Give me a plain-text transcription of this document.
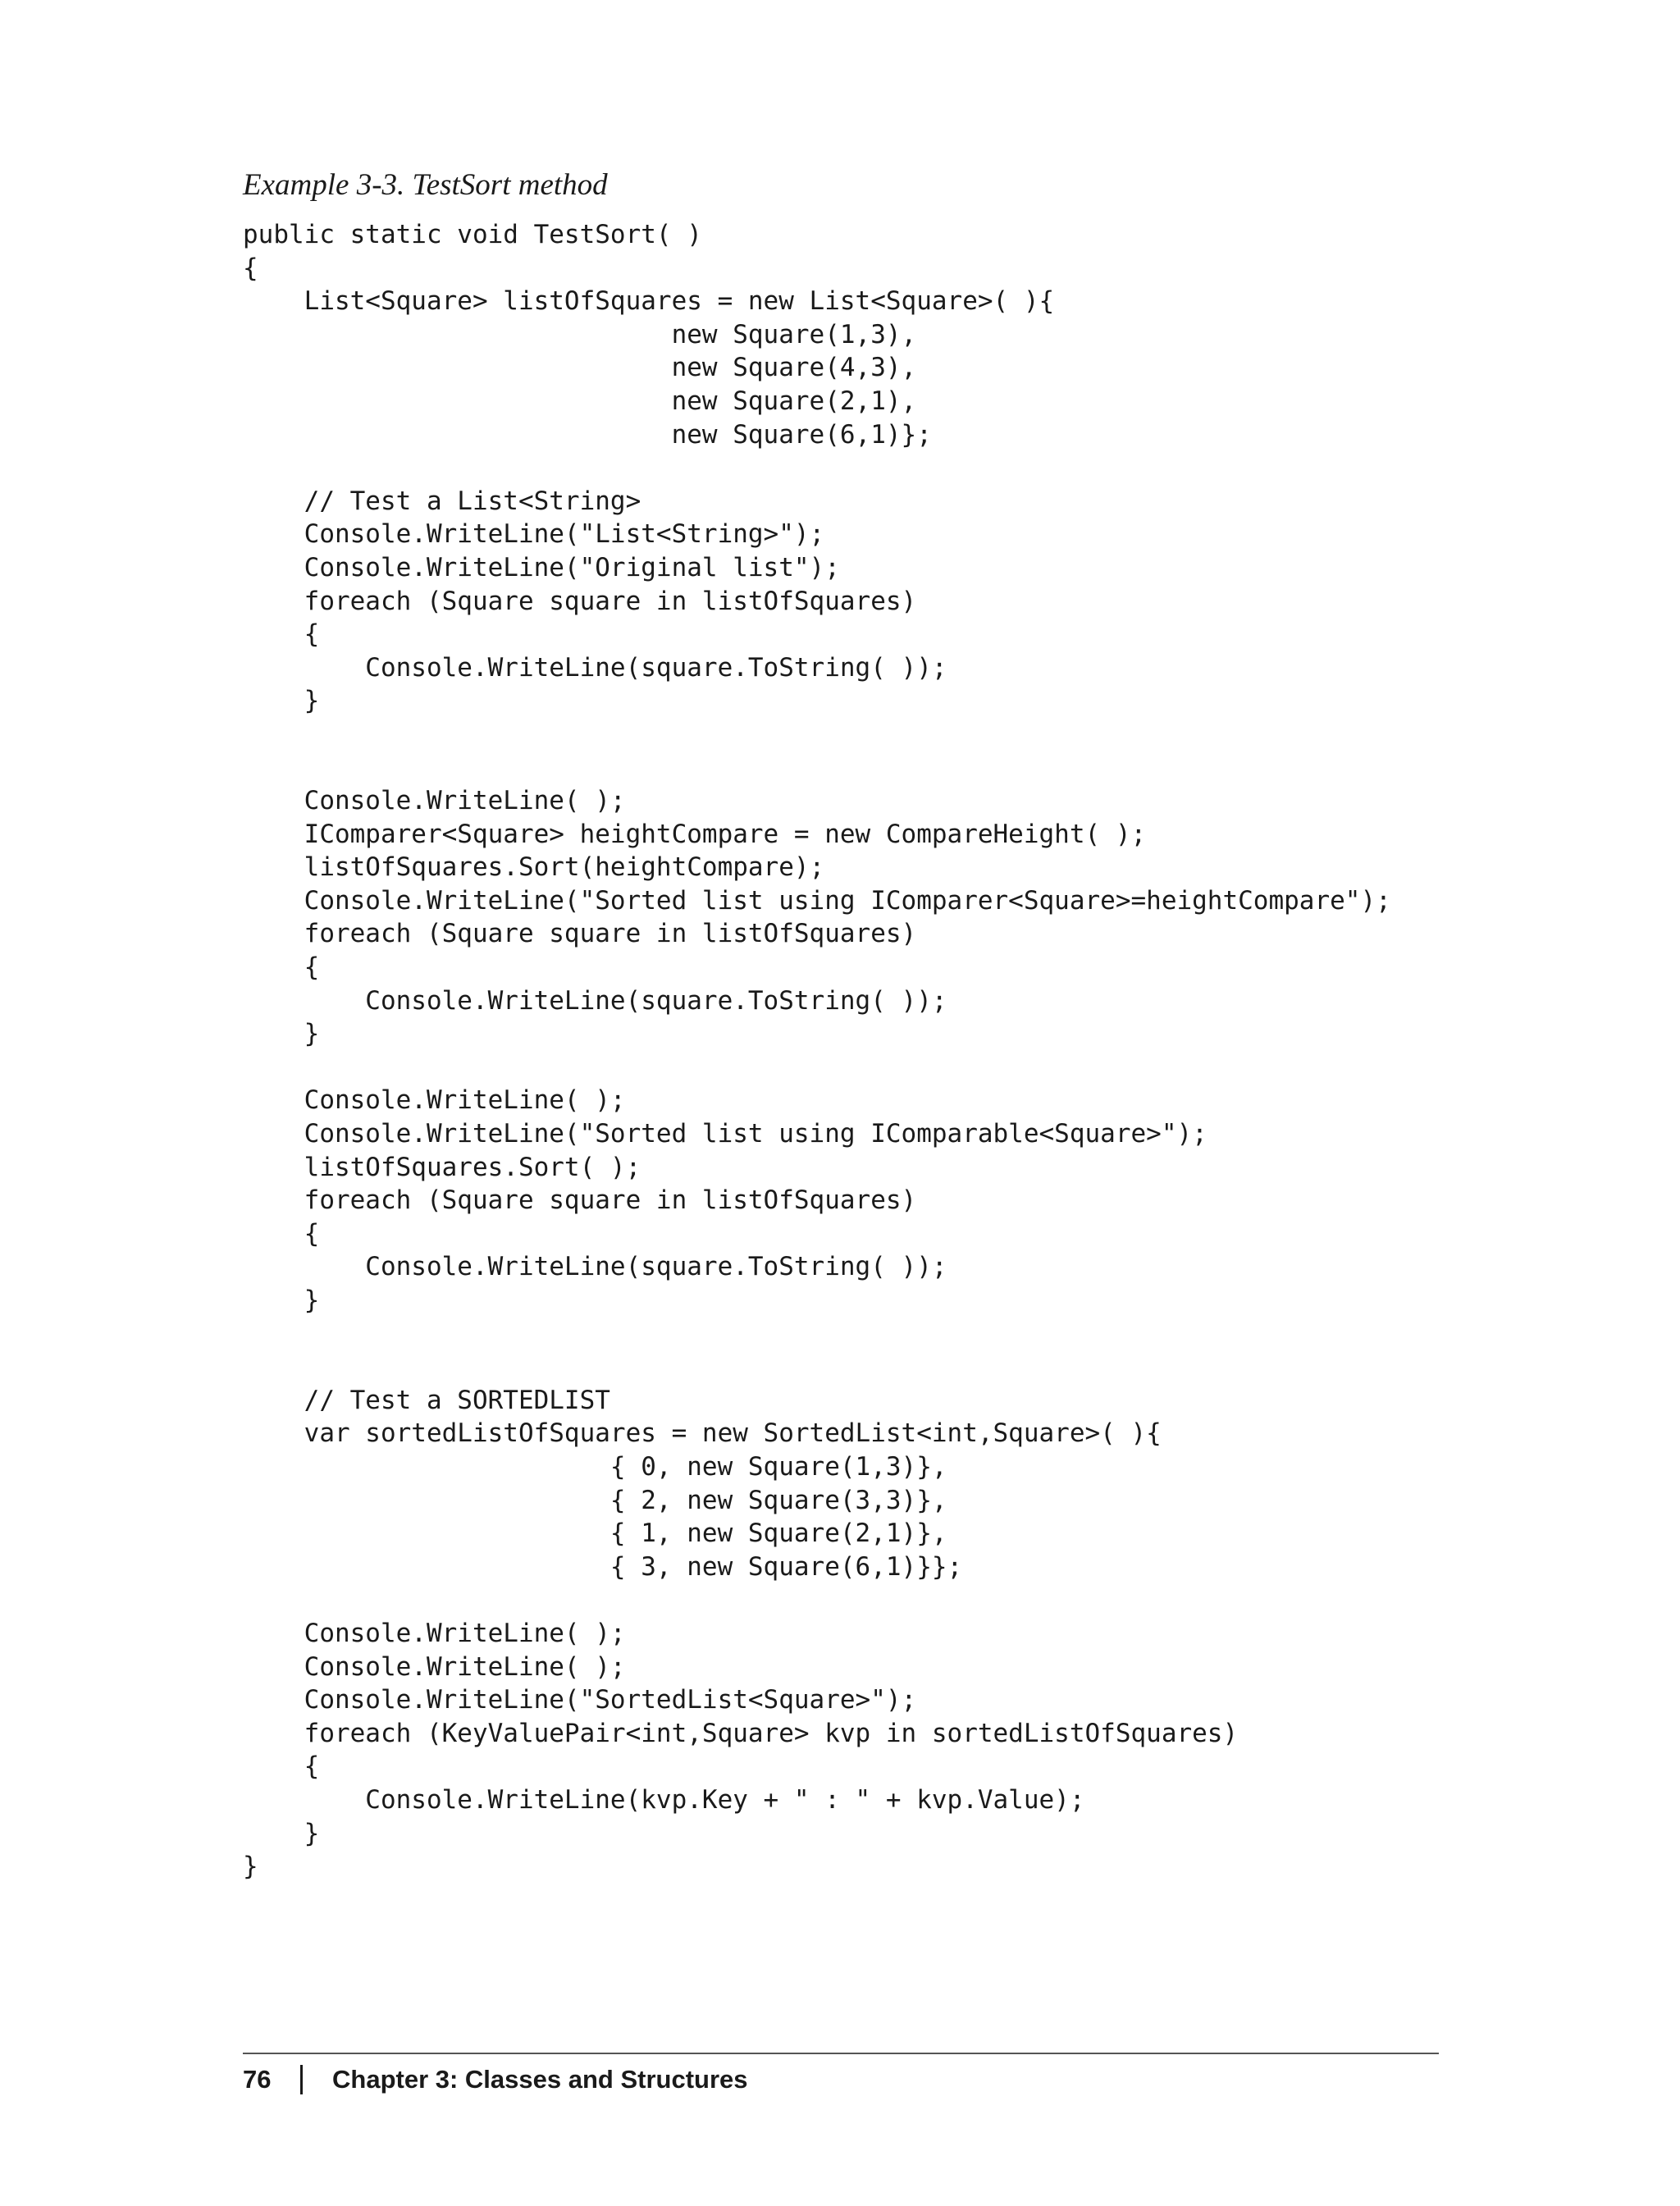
Example 3-3. TestSort method

public static void TestSort( )
{
List<Square> listOfSquares = new List<Square>( ){
new Square(1,3),
new Square(4,3),
new Square(2,1),
new Square(6,1)};
// Test a List<String>
Console.WriteLine("List<String>");
Console.WriteLine("Original list");
foreach (Square square in listOfSquares)
{
Console.WriteLine(square.ToString( ));
}
Console.WriteLine( );
IComparer<Square> heightCompare = new CompareHeight( );
listOfSquares.Sort(heightCompare);
Console.WriteLine("Sorted list using IComparer<Square>=heightCompare");
foreach (Square square in listOfSquares)
{
Console.WriteLine(square.ToString( ));
}
Console.WriteLine( );
Console.WriteLine("Sorted list using IComparable<Square>");
listOfSquares.Sort( );
foreach (Square square in listOfSquares)
{
Console.WriteLine(square.ToString( ));
}
// Test a SORTEDLIST
var sortedListOfSquares = new SortedList<int,Square>( ){
{ 0, new Square(1,3)},
{ 2, new Square(3,3)},
{ 1, new Square(2,1)},
{ 3, new Square(6,1)}};
Console.WriteLine( );
Console.WriteLine( );
Console.WriteLine("SortedList<Square>");
foreach (KeyValuePair<int,Square> kvp in sortedListOfSquares)
{
Console.WriteLine(kvp.Key + " : " + kvp.Value);
}
}
76	Chapter 3: Classes and Structures
